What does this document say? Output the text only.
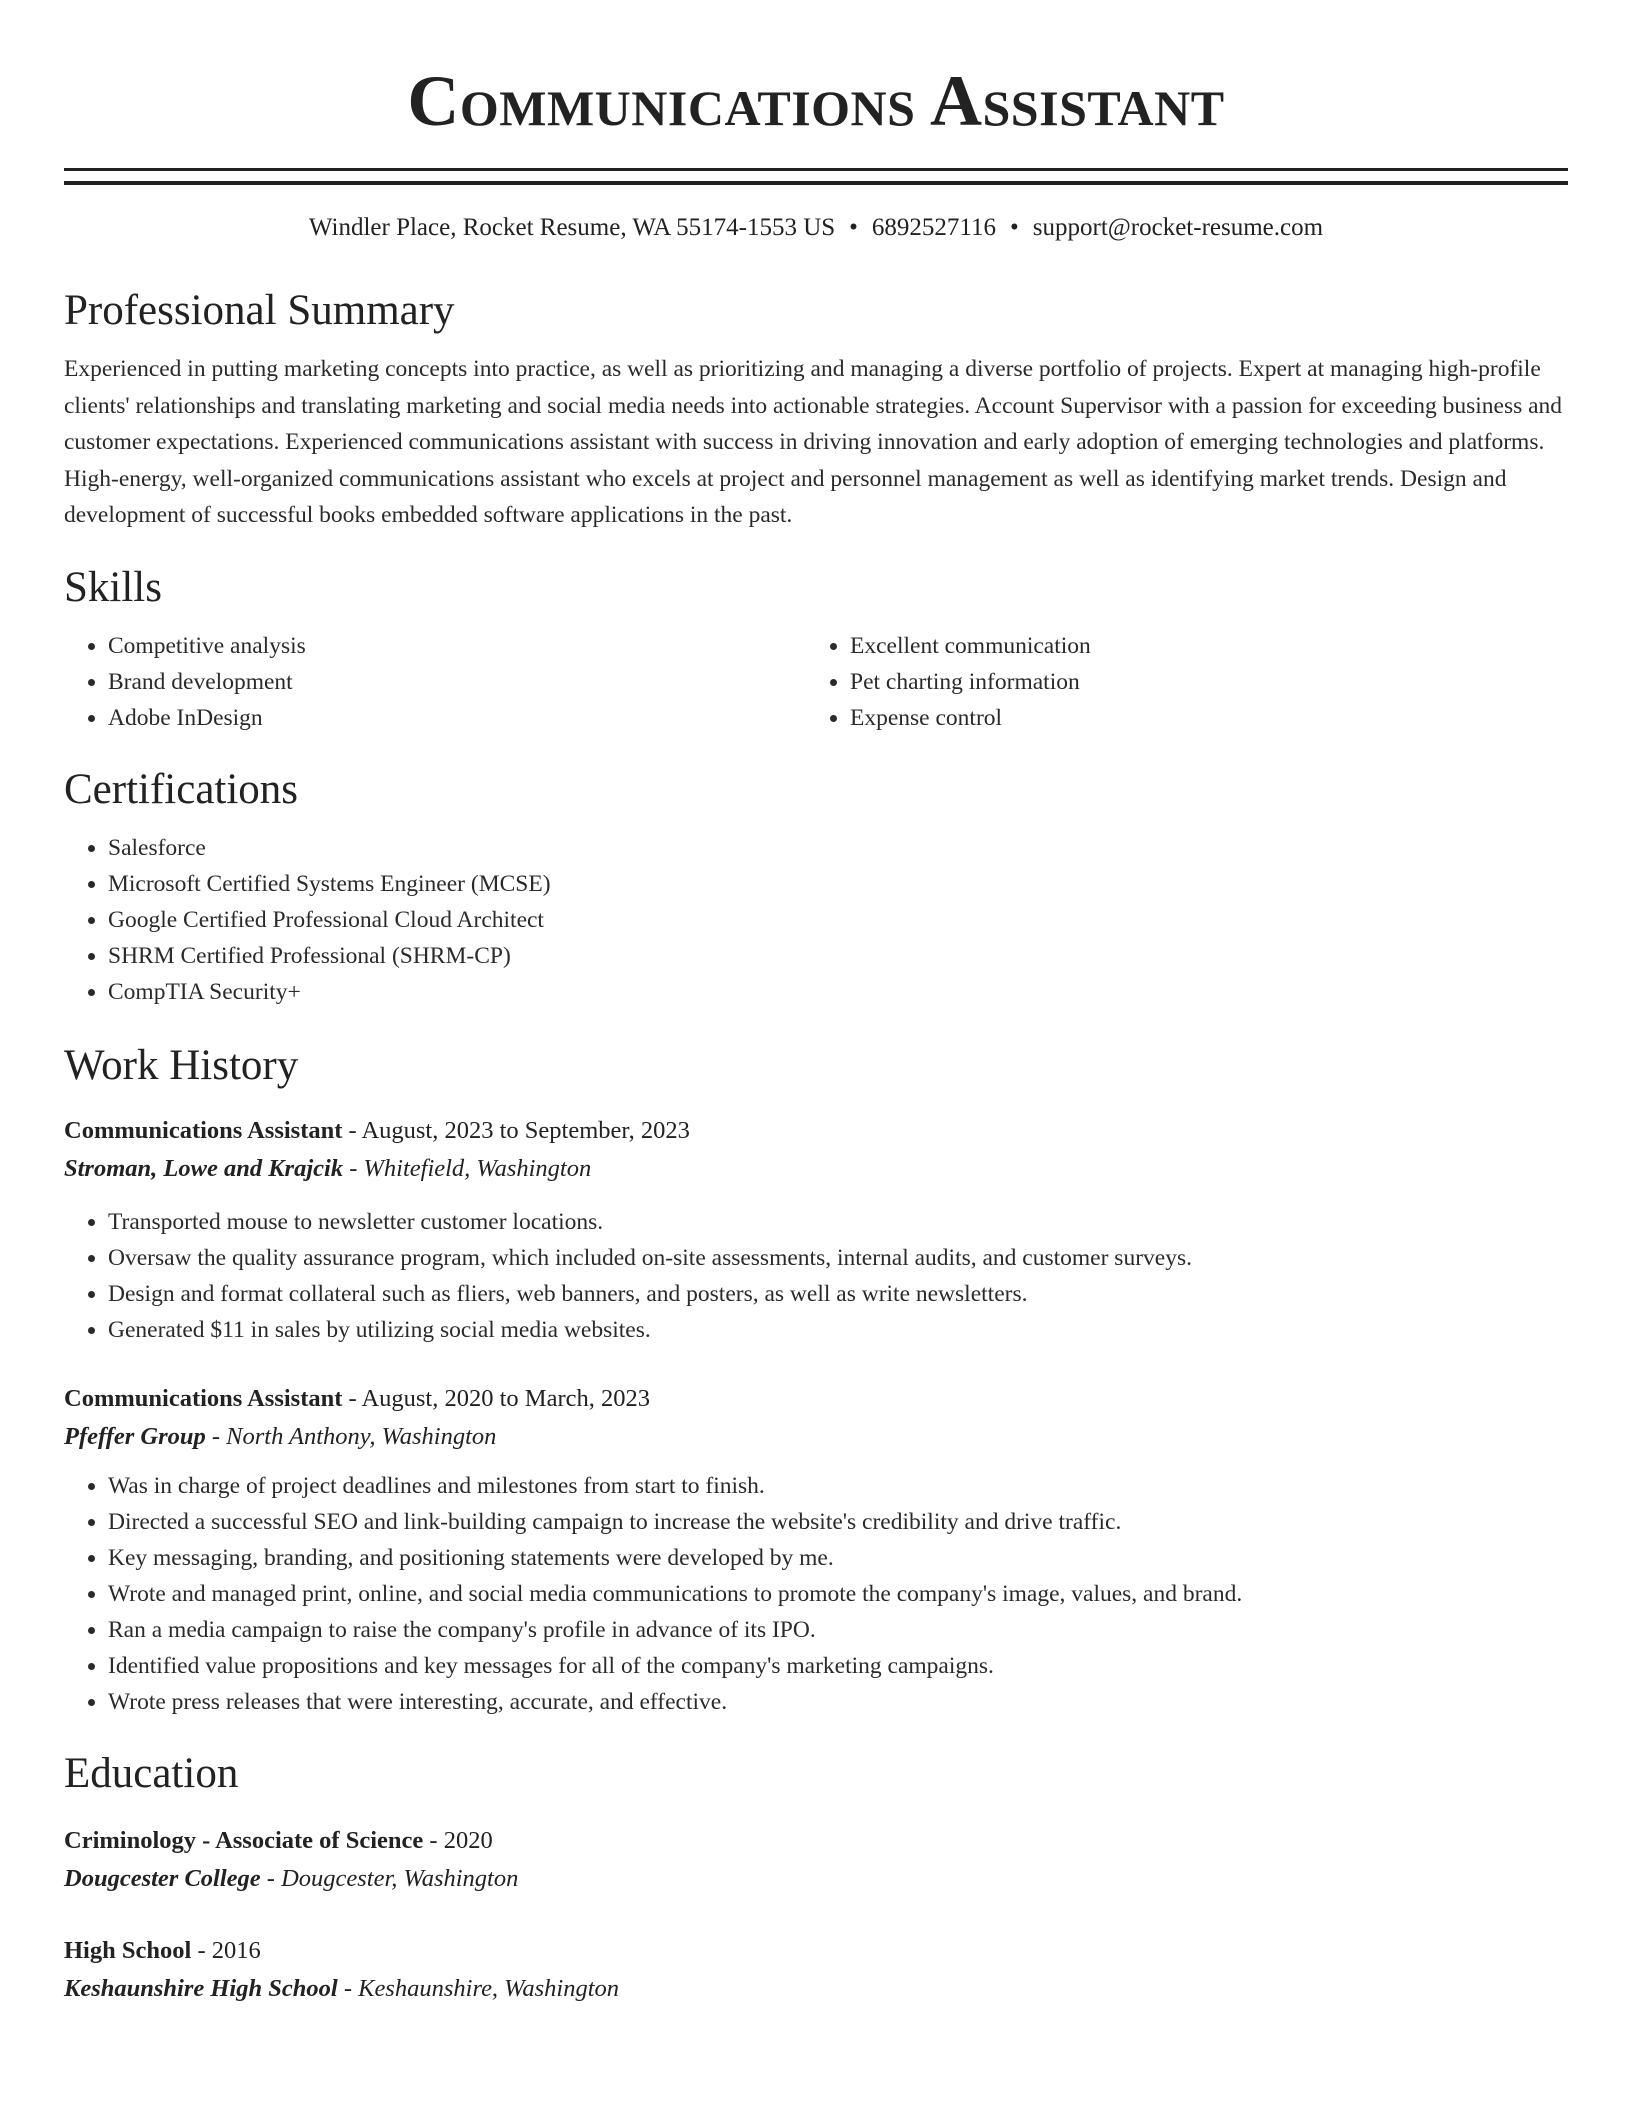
Communications Assistant
Windler Place, Rocket Resume, WA 55174-1553 US • 6892527116 • support@rocket-resume.com
Professional Summary

Experienced in putting marketing concepts into practice, as well as prioritizing and managing a diverse portfolio of projects. Expert at managing high-profile clients' relationships and translating marketing and social media needs into actionable strategies. Account Supervisor with a passion for exceeding business and customer expectations. Experienced communications assistant with success in driving innovation and early adoption of emerging technologies and platforms. High-energy, well-organized communications assistant who excels at project and personnel management as well as identifying market trends. Design and development of successful books embedded software applications in the past.

Skills
• Competitive analysis
• Brand development
• Adobe InDesign
• Excellent communication
• Pet charting information
• Expense control
Certifications
• Salesforce
• Microsoft Certified Systems Engineer (MCSE)
• Google Certified Professional Cloud Architect
• SHRM Certified Professional (SHRM-CP)
• CompTIA Security+
Work History
Communications Assistant - August, 2023 to September, 2023
Stroman, Lowe and Krajcik - Whitefield, Washington
• Transported mouse to newsletter customer locations.
• Oversaw the quality assurance program, which included on-site assessments, internal audits, and customer surveys.
• Design and format collateral such as fliers, web banners, and posters, as well as write newsletters.
• Generated $11 in sales by utilizing social media websites.
Communications Assistant - August, 2020 to March, 2023
Pfeffer Group - North Anthony, Washington
• Was in charge of project deadlines and milestones from start to finish.
• Directed a successful SEO and link-building campaign to increase the website's credibility and drive traffic.
• Key messaging, branding, and positioning statements were developed by me.
• Wrote and managed print, online, and social media communications to promote the company's image, values, and brand.
• Ran a media campaign to raise the company's profile in advance of its IPO.
• Identified value propositions and key messages for all of the company's marketing campaigns.
• Wrote press releases that were interesting, accurate, and effective.
Education
Criminology - Associate of Science - 2020
Dougcester College - Dougcester, Washington
High School - 2016
Keshaunshire High School - Keshaunshire, Washington
